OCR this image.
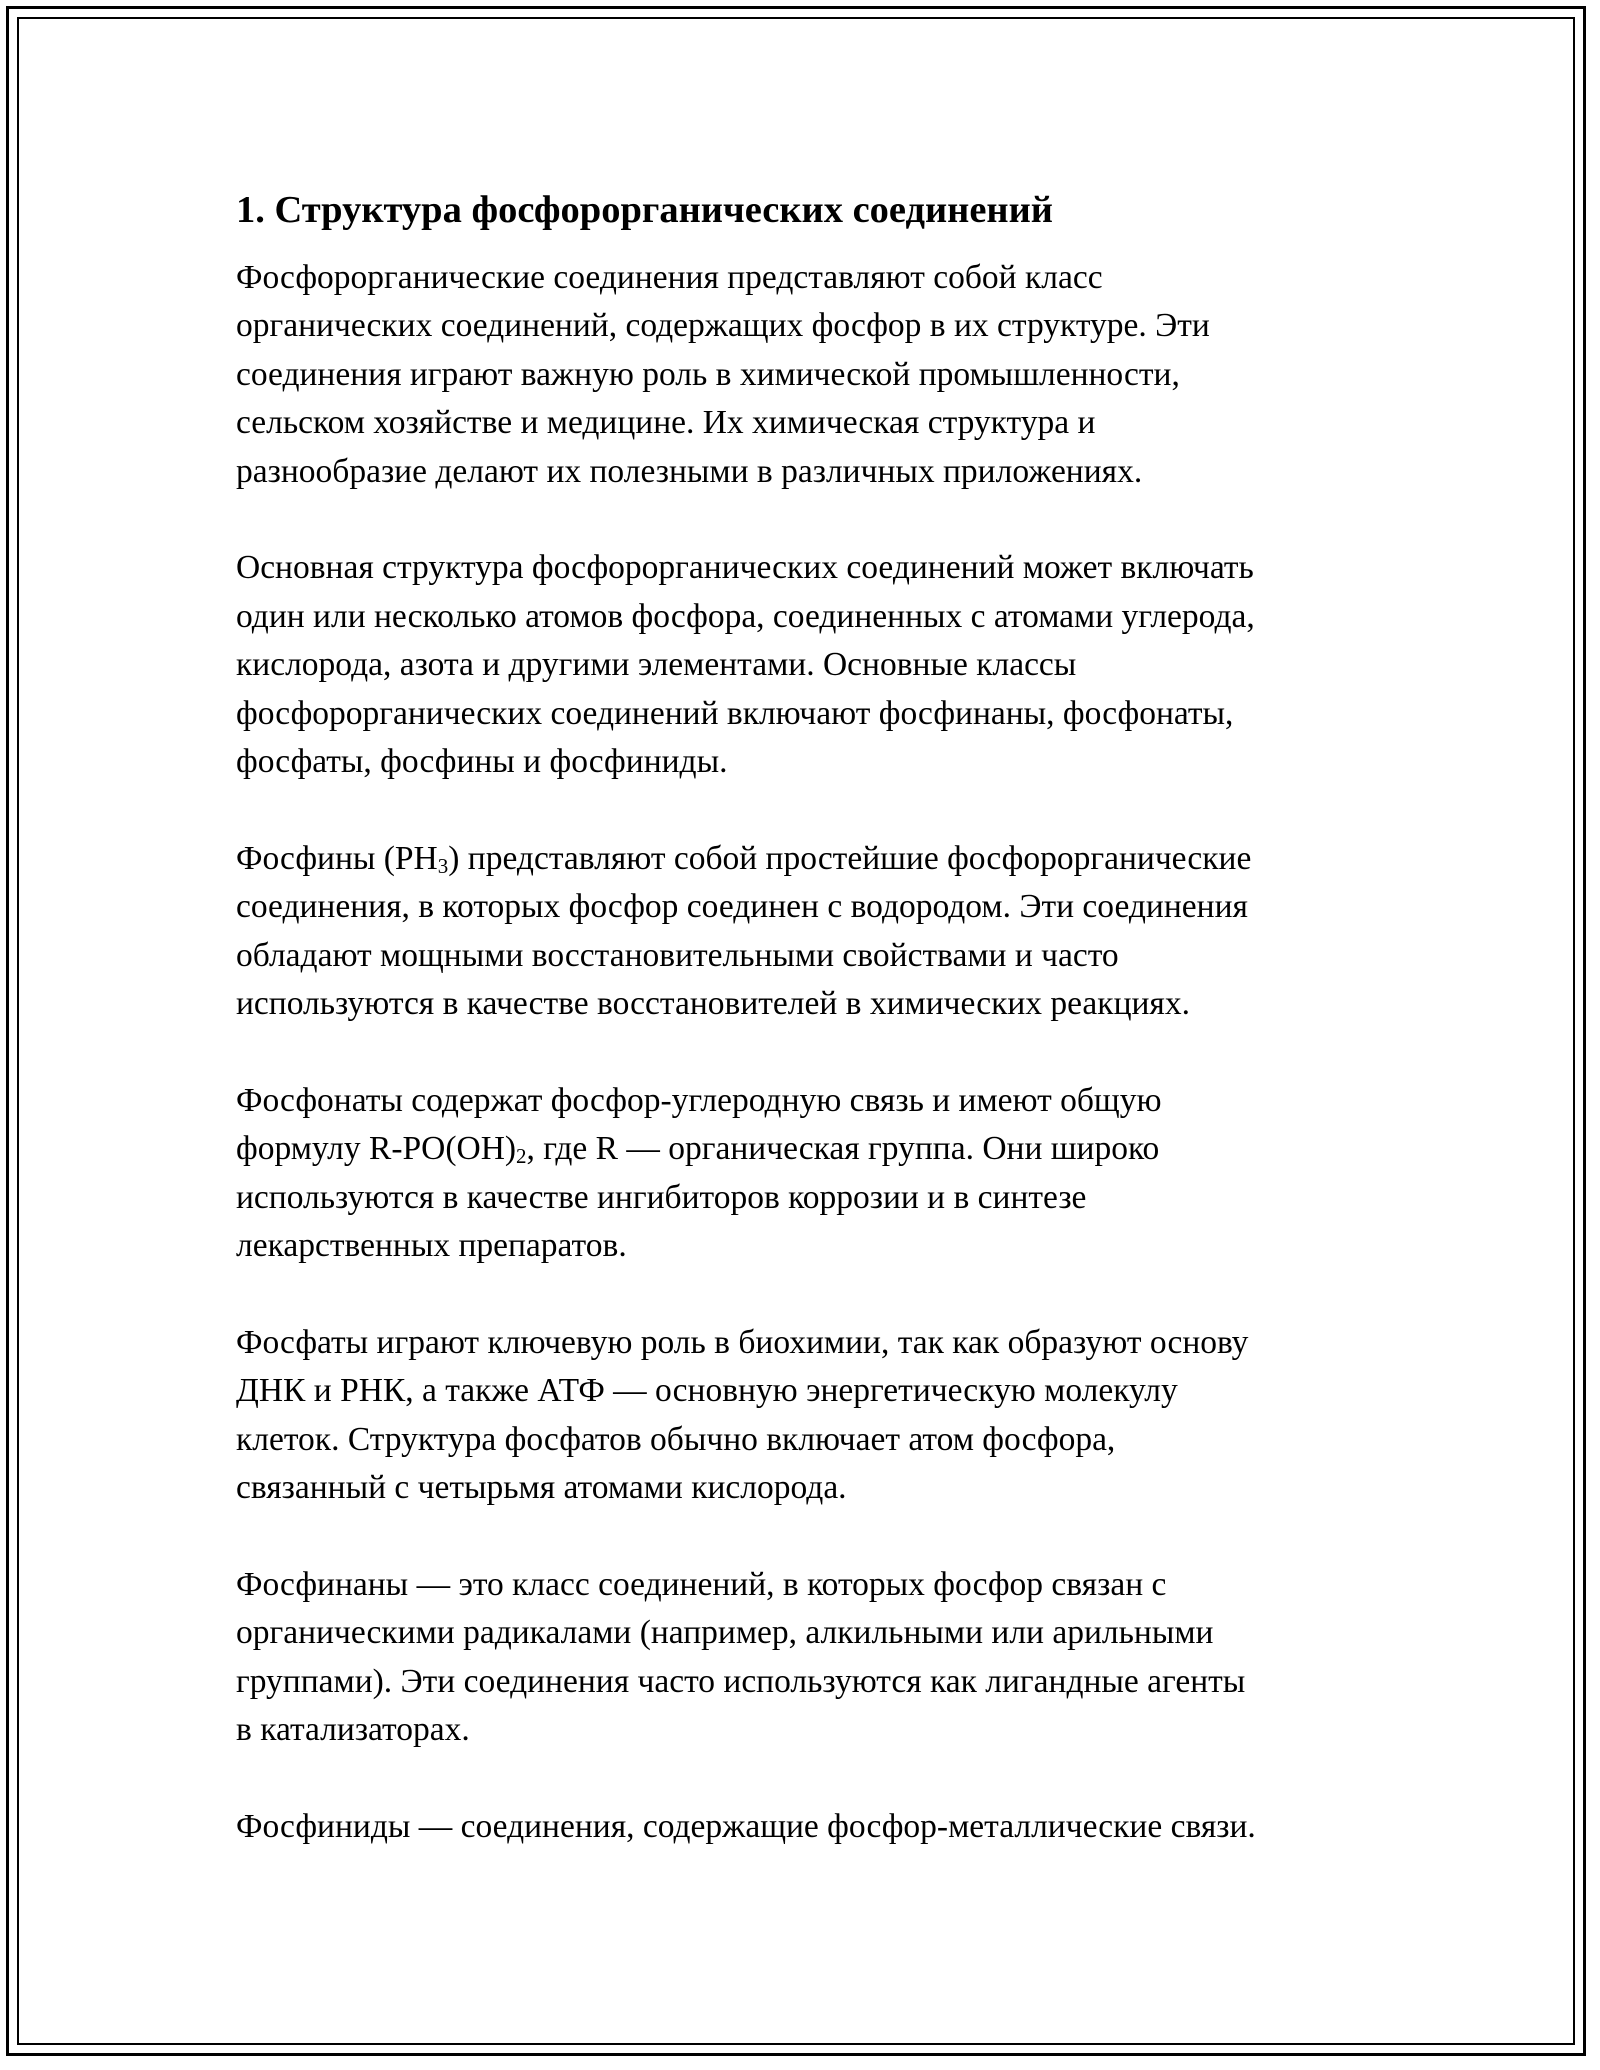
1. Структура фосфорорганических соединений

Фосфорорганические соединения представляют собой класс
органических соединений, содержащих фосфор в их структуре. Эти
соединения играют важную роль в химической промышленности,
сельском хозяйстве и медицине. Их химическая структура и
разнообразие делают их полезными в различных приложениях.

Основная структура фосфорорганических соединений может включать
один или несколько атомов фосфора, соединенных с атомами углерода,
кислорода, азота и другими элементами. Основные классы
фосфорорганических соединений включают фосфинаны, фосфонаты,
фосфаты, фосфины и фосфиниды.

Фосфины $(PH_3)$ представляют собой простейшие фосфорорганические
соединения, в которых фосфор соединен с водородом. Эти соединения
обладают мощными восстановительными свойствами и часто
используются в качестве восстановителей в химических реакциях.

Фосфонаты содержат фосфор-углеродную связь и имеют общую
формулу $R-PO(OH)_2$, где R — органическая группа. Они широко
используются в качестве ингибиторов коррозии и в синтезе
лекарственных препаратов.

Фосфаты играют ключевую роль в биохимии, так как образуют основу
ДНК и РНК, а также АТФ — основную энергетическую молекулу
клеток. Структура фосфатов обычно включает атом фосфора,
связанный с четырьмя атомами кислорода.

Фосфинаны — это класс соединений, в которых фосфор связан с
органическими радикалами (например, алкильными или арильными
группами). Эти соединения часто используются как лигандные агенты
в катализаторах.

Фосфиниды — соединения, содержащие фосфор-металлические связи.
